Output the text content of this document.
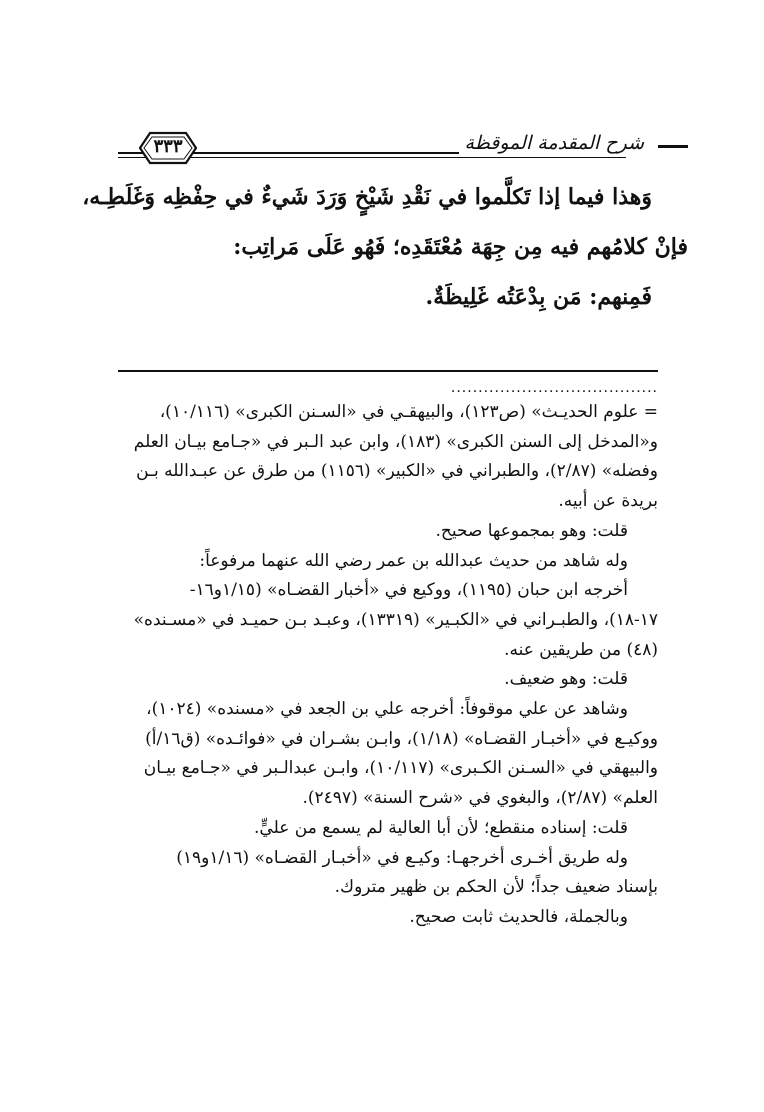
٣٣٣	شرح المقدمة الموقظة

وَهذا فيما إذا تَكلَّموا في نَقْدِ شَيْخٍ وَرَدَ شَيءٌ في حِفْظِه وَغَلَطِـه،

فإنْ كلامُهم فيه مِن جِهَة مُعْتَقَدِه؛ فَهُو عَلَى مَراتِب:

فَمِنهم: مَن بِدْعَتُه غَلِيظَةٌ.

......................................

= علوم الحديـث» (ص١٢٣)، والبيهقـي في «السـنن الكبرى» (١٠/١١٦)،

و«المدخل إلى السنن الكبرى» (١٨٣)، وابن عبد الـبر في «جـامع بيـان العلم

وفضله» (٢/٨٧)، والطبراني في «الكبير» (١١٥٦) من طرق عن عبـدالله بـن

بريدة عن أبيه.

قلت: وهو بمجموعها صحيح.

وله شاهد من حديث عبدالله بن عمر رضي الله عنهما مرفوعاً:

أخرجه ابن حبان (١١٩٥)، ووكيع في «أخبار القضـاه» (١/١٥و١٦-

١٧-١٨)، والطبـراني في «الكبـير» (١٣٣١٩)، وعبـد بـن حميـد في «مسـنده»

(٤٨) من طريقين عنه.

قلت: وهو ضعيف.

وشاهد عن علي موقوفاً: أخرجه علي بن الجعد في «مسنده» (١٠٢٤)،

ووكيـع في «أخبـار القضـاه» (١/١٨)، وابـن بشـران في «فوائـده» (ق١٦/أ)

والبيهقي في «السـنن الكـبرى» (١٠/١١٧)، وابـن عبدالـبر في «جـامع بيـان

العلم» (٢/٨٧)، والبغوي في «شرح السنة» (٢٤٩٧).

قلت: إسناده منقطع؛ لأن أبا العالية لم يسمع من عليٍّ.

وله طريق أخـرى أخرجهـا: وكيـع في «أخبـار القضـاه» (١/١٦و١٩)

بإسناد ضعيف جداً؛ لأن الحكم بن ظهير متروك.

وبالجملة، فالحديث ثابت صحيح.
